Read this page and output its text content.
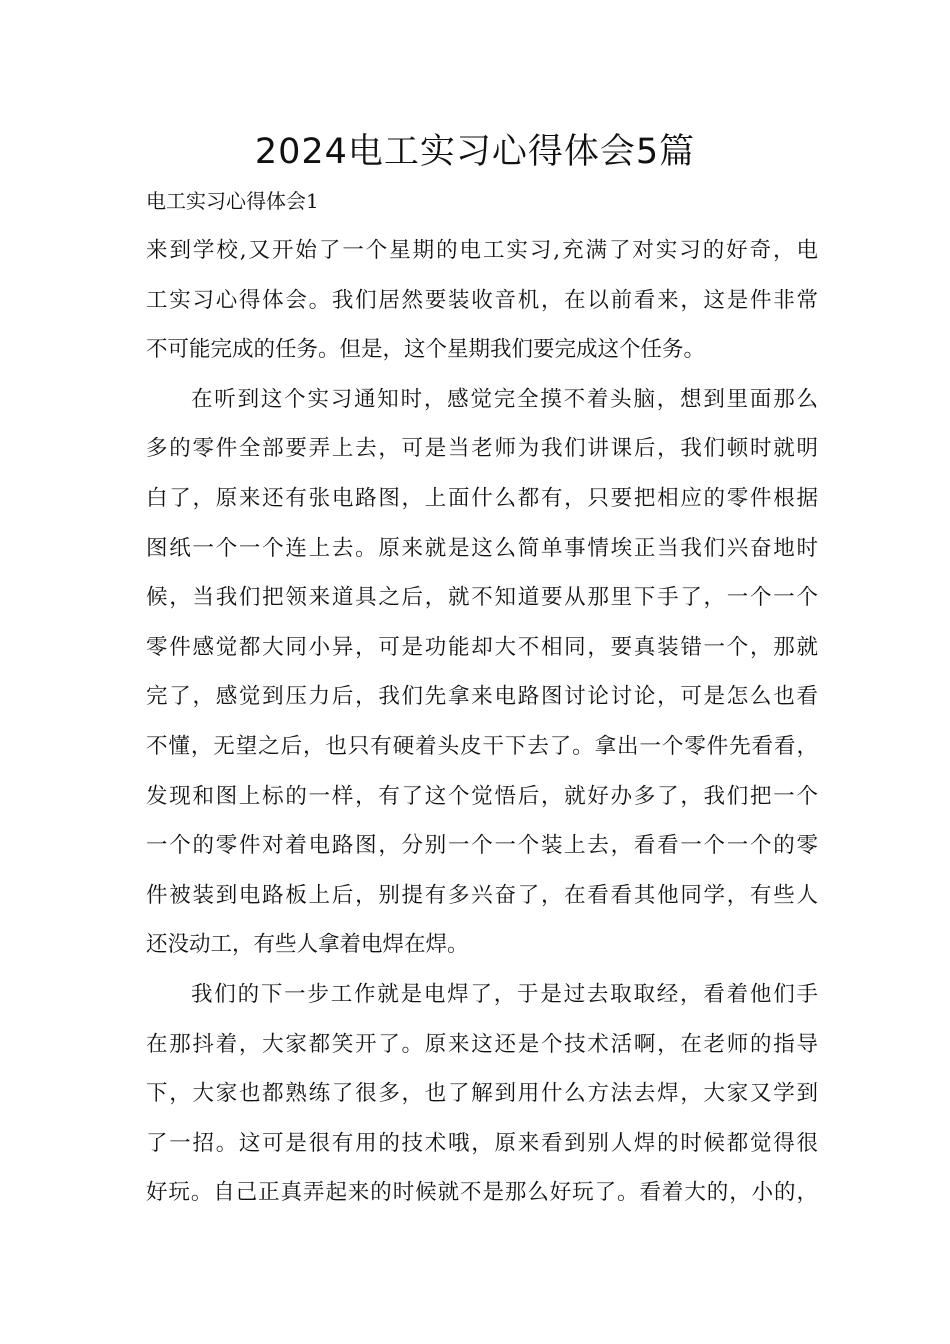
2024电工实习心得体会5篇

电工实习心得体会1

来到学校,又开始了一个星期的电工实习,充满了对实习的好奇，电

工实习心得体会。我们居然要装收音机，在以前看来，这是件非常

不可能完成的任务。但是，这个星期我们要完成这个任务。

在听到这个实习通知时，感觉完全摸不着头脑，想到里面那么

多的零件全部要弄上去，可是当老师为我们讲课后，我们顿时就明

白了，原来还有张电路图，上面什么都有，只要把相应的零件根据

图纸一个一个连上去。原来就是这么简单事情埃正当我们兴奋地时

候，当我们把领来道具之后，就不知道要从那里下手了，一个一个

零件感觉都大同小异，可是功能却大不相同，要真装错一个，那就

完了，感觉到压力后，我们先拿来电路图讨论讨论，可是怎么也看

不懂，无望之后，也只有硬着头皮干下去了。拿出一个零件先看看，

发现和图上标的一样，有了这个觉悟后，就好办多了，我们把一个

一个的零件对着电路图，分别一个一个装上去，看看一个一个的零

件被装到电路板上后，别提有多兴奋了，在看看其他同学，有些人

还没动工，有些人拿着电焊在焊。

我们的下一步工作就是电焊了，于是过去取取经，看着他们手

在那抖着，大家都笑开了。原来这还是个技术活啊，在老师的指导

下，大家也都熟练了很多，也了解到用什么方法去焊，大家又学到

了一招。这可是很有用的技术哦，原来看到别人焊的时候都觉得很

好玩。自己正真弄起来的时候就不是那么好玩了。看着大的，小的，
